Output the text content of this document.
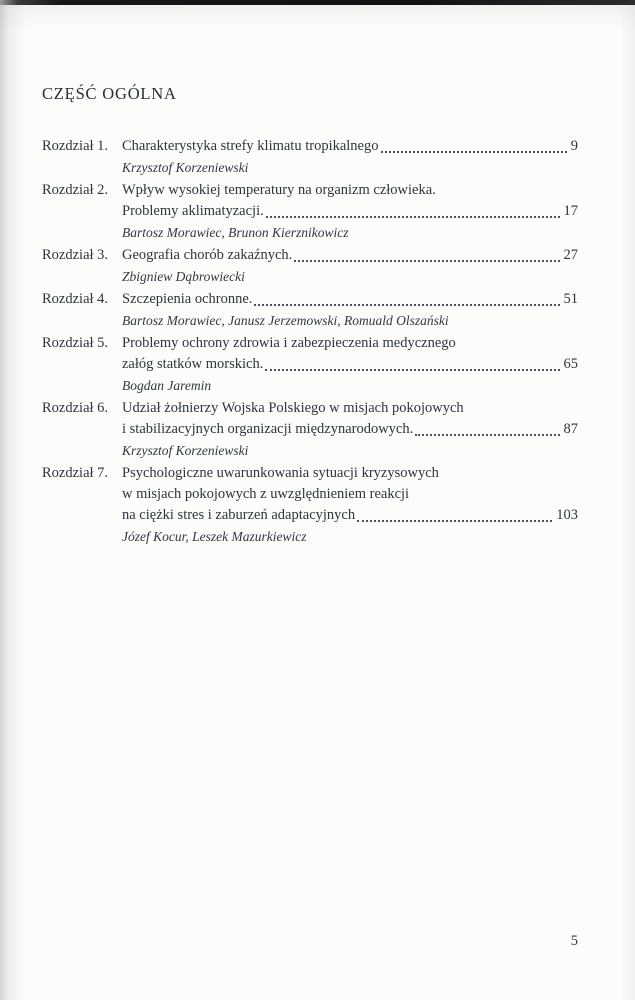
CZĘŚĆ OGÓLNA
Rozdział 1. Charakterystyka strefy klimatu tropikalnego	9
Krzysztof Korzeniewski
Rozdział 2. Wpływ wysokiej temperatury na organizm człowieka.
Problemy aklimatyzacji.	17
Bartosz Morawiec, Brunon Kierznikowicz
Rozdział 3. Geografia chorób zakaźnych.	27
Zbigniew Dąbrowiecki
Rozdział 4. Szczepienia ochronne.	51
Bartosz Morawiec, Janusz Jerzemowski, Romuald Olszański
Rozdział 5. Problemy ochrony zdrowia i zabezpieczenia medycznego
załóg statków morskich.	65
Bogdan Jaremin
Rozdział 6. Udział żołnierzy Wojska Polskiego w misjach pokojowych
i stabilizacyjnych organizacji międzynarodowych.	87
Krzysztof Korzeniewski
Rozdział 7. Psychologiczne uwarunkowania sytuacji kryzysowych
w misjach pokojowych z uwzględnieniem reakcji
na ciężki stres i zaburzeń adaptacyjnych	103
Józef Kocur, Leszek Mazurkiewicz
5
